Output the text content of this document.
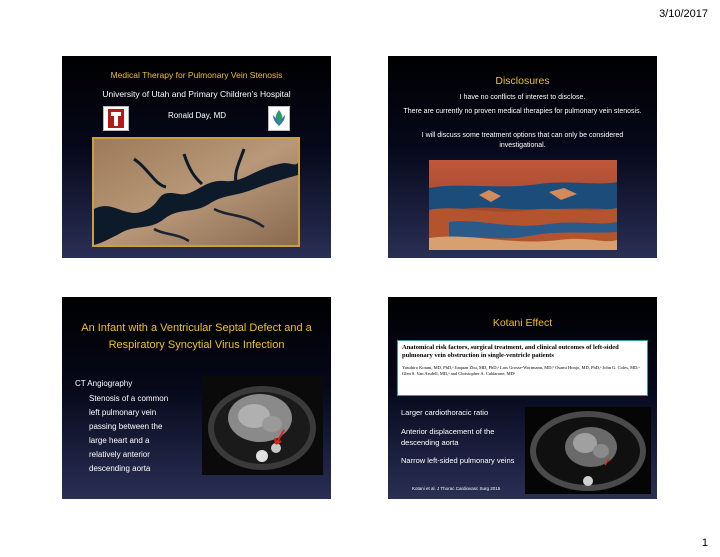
3/10/2017
Medical Therapy for Pulmonary Vein Stenosis
University of Utah and Primary Children’s Hospital
Ronald Day, MD
Disclosures
I have no conflicts of interest to disclose.
There are currently no proven medical therapies for pulmonary vein stenosis.
I will discuss some treatment options that can only be considered investigational.
An Infant with a Ventricular Septal Defect and a Respiratory Syncytial Virus Infection
CT Angiography
Stenosis of a common
left pulmonary vein
passing between the
large heart and a
relatively anterior
descending aorta
Kotani Effect
Anatomical risk factors, surgical treatment, and clinical outcomes of left-sided pulmonary vein obstruction in single-ventricle patients
Yasuhiro Kotani, MD, PhD,ᵃ Jiaquan Zhu, MD, PhD,ᵃ Lars Grosse-Wortmann, MD,ᵇ Osami Honjo, MD, PhD,ᵃ John G. Coles, MD,ᵃ Glen S. Van Arsdell, MD,ᵃ and Christopher A. Caldarone, MDᵃ
Larger cardiothoracic ratio
Anterior displacement of the descending aorta
Narrow left-sided pulmonary veins
Kotani et al. J Thorac Cardiovasc Surg 2015
1
